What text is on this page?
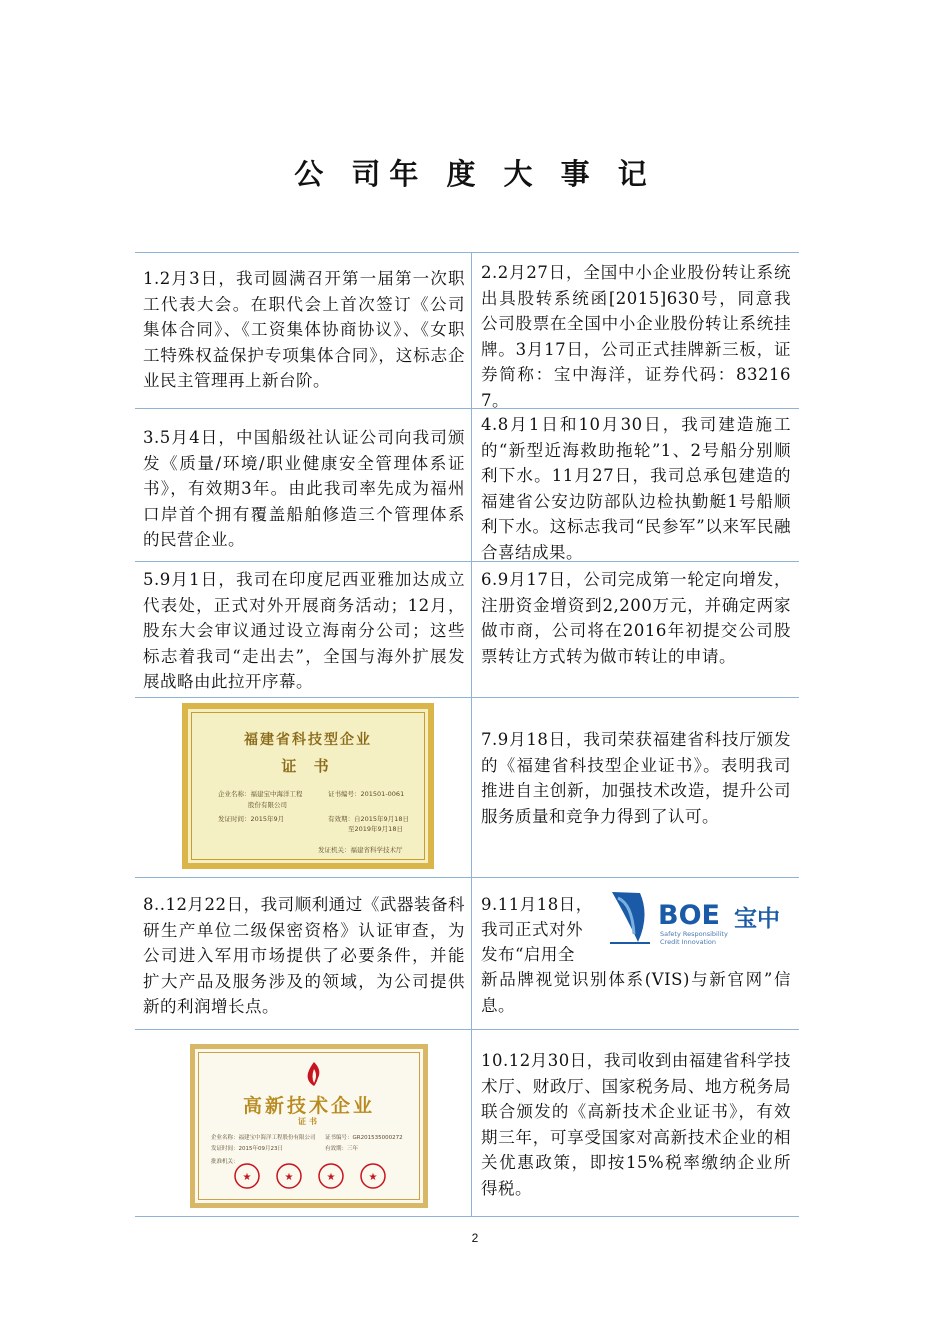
公 司年 度 大 事 记
1.2月3日，我司圆满召开第一届第一次职工代表大会。在职代会上首次签订《公司集体合同》、《工资集体协商协议》、《女职工特殊权益保护专项集体合同》，这标志企业民主管理再上新台阶。
2.2月27日，全国中小企业股份转让系统出具股转系统函[2015]630号，同意我公司股票在全国中小企业股份转让系统挂牌。3月17日，公司正式挂牌新三板，证券简称：宝中海洋，证券代码：832167。
3.5月4日，中国船级社认证公司向我司颁发《质量/环境/职业健康安全管理体系证书》，有效期3年。由此我司率先成为福州口岸首个拥有覆盖船舶修造三个管理体系的民营企业。
4.8月1日和10月30日，我司建造施工的“新型近海救助拖轮”1、2号船分别顺利下水。11月27日，我司总承包建造的福建省公安边防部队边检执勤艇1号船顺利下水。这标志我司“民参军”以来军民融合喜结成果。
5.9月1日，我司在印度尼西亚雅加达成立代表处，正式对外开展商务活动；12月，股东大会审议通过设立海南分公司；这些标志着我司“走出去”，全国与海外扩展发展战略由此拉开序幕。
6.9月17日，公司完成第一轮定向增发，注册资金增资到2,200万元，并确定两家做市商，公司将在2016年初提交公司股票转让方式转为做市转让的申请。
福建省科技型企业
证 书
企业名称：福建宝中海洋工程
股份有限公司
证书编号：201501-0061
发证时间：2015年9月	有效期：自2015年9月18日
至2019年9月18日
发证机关：福建省科学技术厅
7.9月18日，我司荣获福建省科技厅颁发的《福建省科技型企业证书》。表明我司推进自主创新，加强技术改造，提升公司服务质量和竞争力得到了认可。
8..12月22日，我司顺利通过《武器装备科研生产单位二级保密资格》认证审查，为公司进入军用市场提供了必要条件，并能扩大产品及服务涉及的领域，为公司提供新的利润增长点。
9.11月18日，
我司正式对外
发布“启用全
新品牌视觉识别体系(VIS)与新官网”信息。
BOE 宝中
Safety Responsibility
Credit Innovation
高新技术企业
证书
企业名称：福建宝中海洋工程股份有限公司 证书编号：GR201535000272
发证时间：2015年09月23日	有效期：三年
批准机关：
★	★	★	★
10.12月30日，我司收到由福建省科学技术厅、财政厅、国家税务局、地方税务局联合颁发的《高新技术企业证书》，有效期三年，可享受国家对高新技术企业的相关优惠政策，即按15%税率缴纳企业所得税。
2
